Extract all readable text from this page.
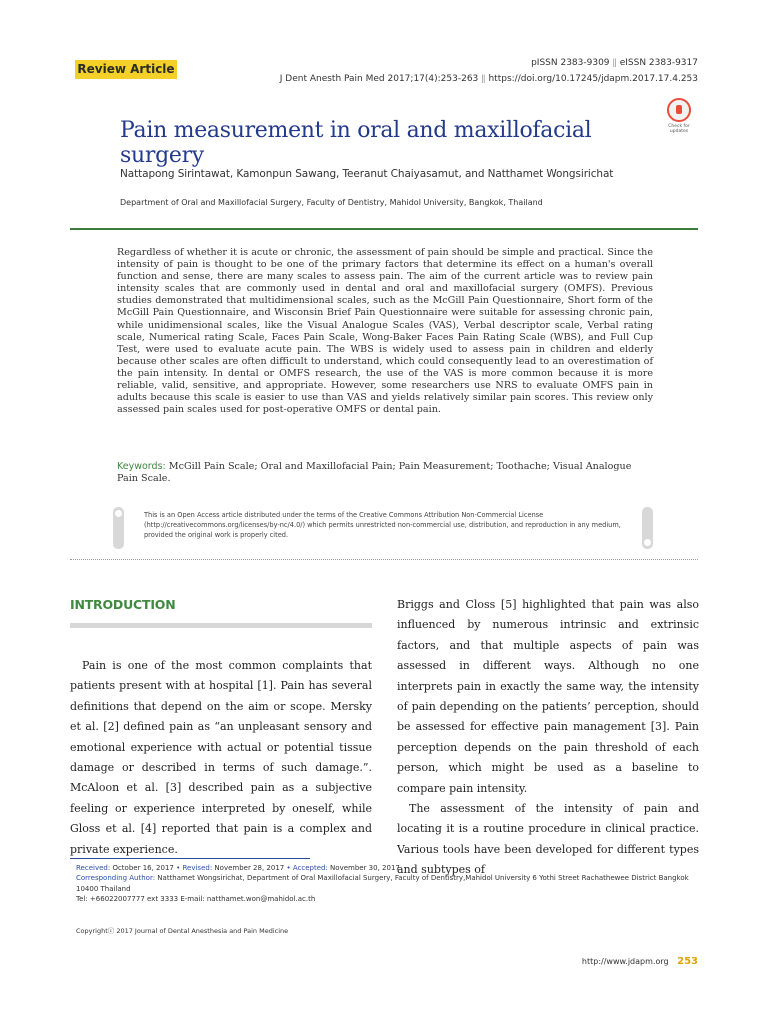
Review Article	pISSN 2383-9309 ǁ eISSN 2383-9317
J Dent Anesth Pain Med 2017;17(4):253-263 ǁ https://doi.org/10.17245/jdapm.2017.17.4.253
Pain measurement in oral and maxillofacial surgery
Check for updates
Nattapong Sirintawat, Kamonpun Sawang, Teeranut Chaiyasamut, and Natthamet Wongsirichat
Department of Oral and Maxillofacial Surgery, Faculty of Dentistry, Mahidol University, Bangkok, Thailand
Regardless of whether it is acute or chronic, the assessment of pain should be simple and practical. Since the intensity of pain is thought to be one of the primary factors that determine its effect on a human's overall function and sense, there are many scales to assess pain. The aim of the current article was to review pain intensity scales that are commonly used in dental and oral and maxillofacial surgery (OMFS). Previous studies demonstrated that multidimensional scales, such as the McGill Pain Questionnaire, Short form of the McGill Pain Questionnaire, and Wisconsin Brief Pain Questionnaire were suitable for assessing chronic pain, while unidimensional scales, like the Visual Analogue Scales (VAS), Verbal descriptor scale, Verbal rating scale, Numerical rating Scale, Faces Pain Scale, Wong-Baker Faces Pain Rating Scale (WBS), and Full Cup Test, were used to evaluate acute pain. The WBS is widely used to assess pain in children and elderly because other scales are often difficult to understand, which could consequently lead to an overestimation of the pain intensity. In dental or OMFS research, the use of the VAS is more common because it is more reliable, valid, sensitive, and appropriate. However, some researchers use NRS to evaluate OMFS pain in adults because this scale is easier to use than VAS and yields relatively similar pain scores. This review only assessed pain scales used for post-operative OMFS or dental pain.
Keywords: McGill Pain Scale; Oral and Maxillofacial Pain; Pain Measurement; Toothache; Visual Analogue Pain Scale.
This is an Open Access article distributed under the terms of the Creative Commons Attribution Non-Commercial License (http://creativecommons.org/licenses/by-nc/4.0/) which permits unrestricted non-commercial use, distribution, and reproduction in any medium, provided the original work is properly cited.
INTRODUCTION

Pain is one of the most common complaints that patients present with at hospital [1]. Pain has several definitions that depend on the aim or scope. Mersky et al. [2] defined pain as “an unpleasant sensory and emotional experience with actual or potential tissue damage or described in terms of such damage.”. McAloon et al. [3] described pain as a subjective feeling or experience interpreted by oneself, while Gloss et al. [4] reported that pain is a complex and private experience.

Briggs and Closs [5] highlighted that pain was also influenced by numerous intrinsic and extrinsic factors, and that multiple aspects of pain was assessed in different ways. Although no one interprets pain in exactly the same way, the intensity of pain depending on the patients’ perception, should be assessed for effective pain management [3]. Pain perception depends on the pain threshold of each person, which might be used as a baseline to compare pain intensity.

The assessment of the intensity of pain and locating it is a routine procedure in clinical practice. Various tools have been developed for different types and subtypes of

Received: October 16, 2017 • Revised: November 28, 2017 • Accepted: November 30, 2017
Corresponding Author: Natthamet Wongsirichat, Department of Oral Maxillofacial Surgery, Faculty of Dentistry,Mahidol University 6 Yothi Street Rachathewee District Bangkok 10400 Thailand
Tel: +66022007777 ext 3333 E-mail: natthamet.won@mahidol.ac.th
Copyrightⓒ 2017 Journal of Dental Anesthesia and Pain Medicine
http://www.jdapm.org 253
